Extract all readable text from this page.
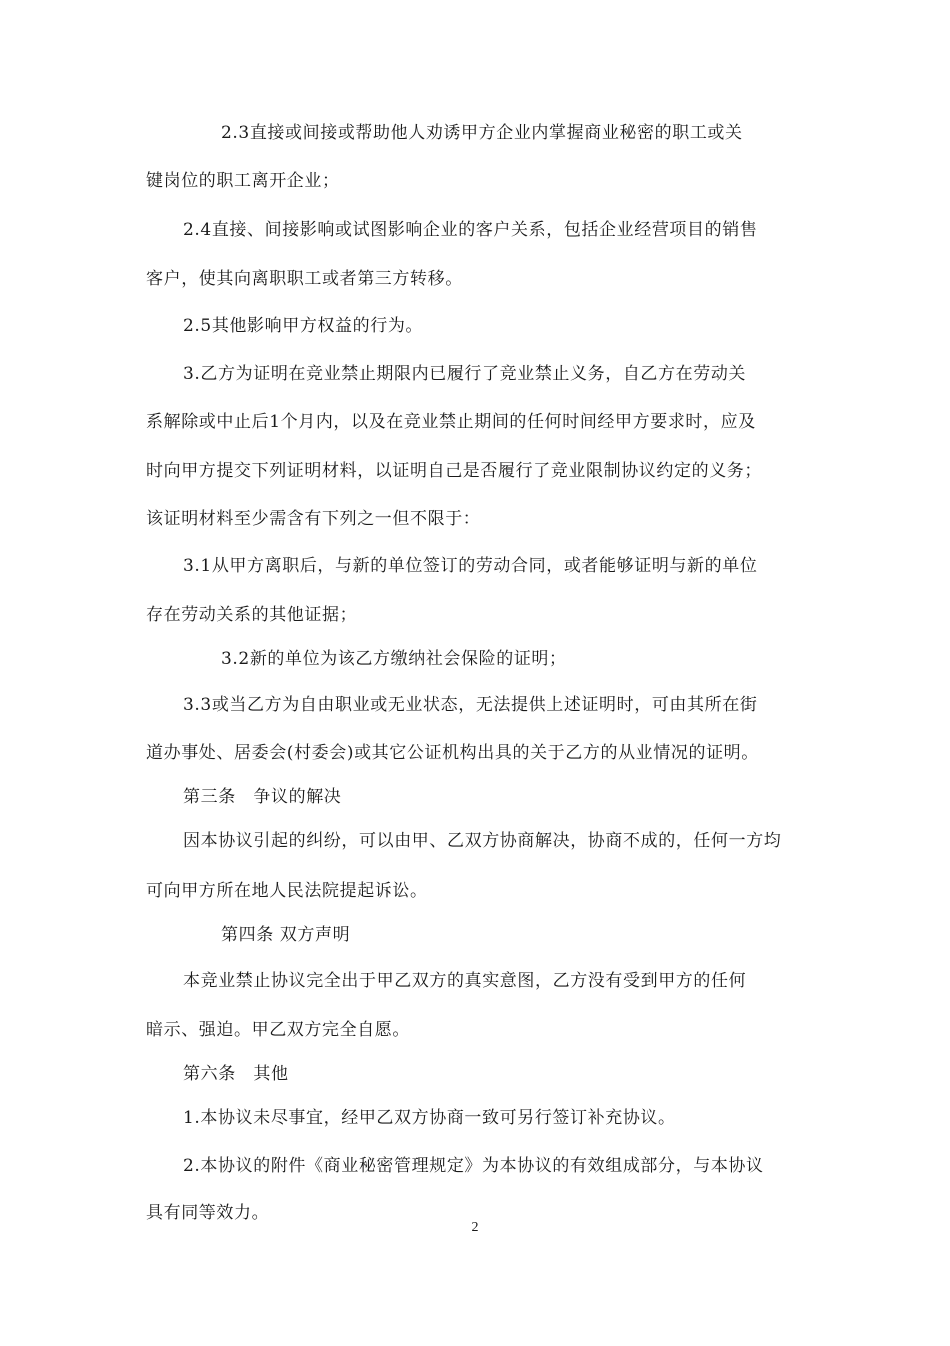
2.3直接或间接或帮助他人劝诱甲方企业内掌握商业秘密的职工或关
键岗位的职工离开企业；
2.4直接、间接影响或试图影响企业的客户关系，包括企业经营项目的销售
客户，使其向离职职工或者第三方转移。
2.5其他影响甲方权益的行为。
3.乙方为证明在竞业禁止期限内已履行了竞业禁止义务，自乙方在劳动关
系解除或中止后1个月内，以及在竞业禁止期间的任何时间经甲方要求时，应及
时向甲方提交下列证明材料，以证明自己是否履行了竞业限制协议约定的义务；
该证明材料至少需含有下列之一但不限于：
3.1从甲方离职后，与新的单位签订的劳动合同，或者能够证明与新的单位
存在劳动关系的其他证据；
3.2新的单位为该乙方缴纳社会保险的证明；
3.3或当乙方为自由职业或无业状态，无法提供上述证明时，可由其所在街
道办事处、居委会(村委会)或其它公证机构出具的关于乙方的从业情况的证明。
第三条　争议的解决
因本协议引起的纠纷，可以由甲、乙双方协商解决，协商不成的，任何一方均
可向甲方所在地人民法院提起诉讼。
第四条 双方声明
本竞业禁止协议完全出于甲乙双方的真实意图，乙方没有受到甲方的任何
暗示、强迫。甲乙双方完全自愿。
第六条　其他
1.本协议未尽事宜，经甲乙双方协商一致可另行签订补充协议。
2.本协议的附件《商业秘密管理规定》为本协议的有效组成部分，与本协议
具有同等效力。
2
